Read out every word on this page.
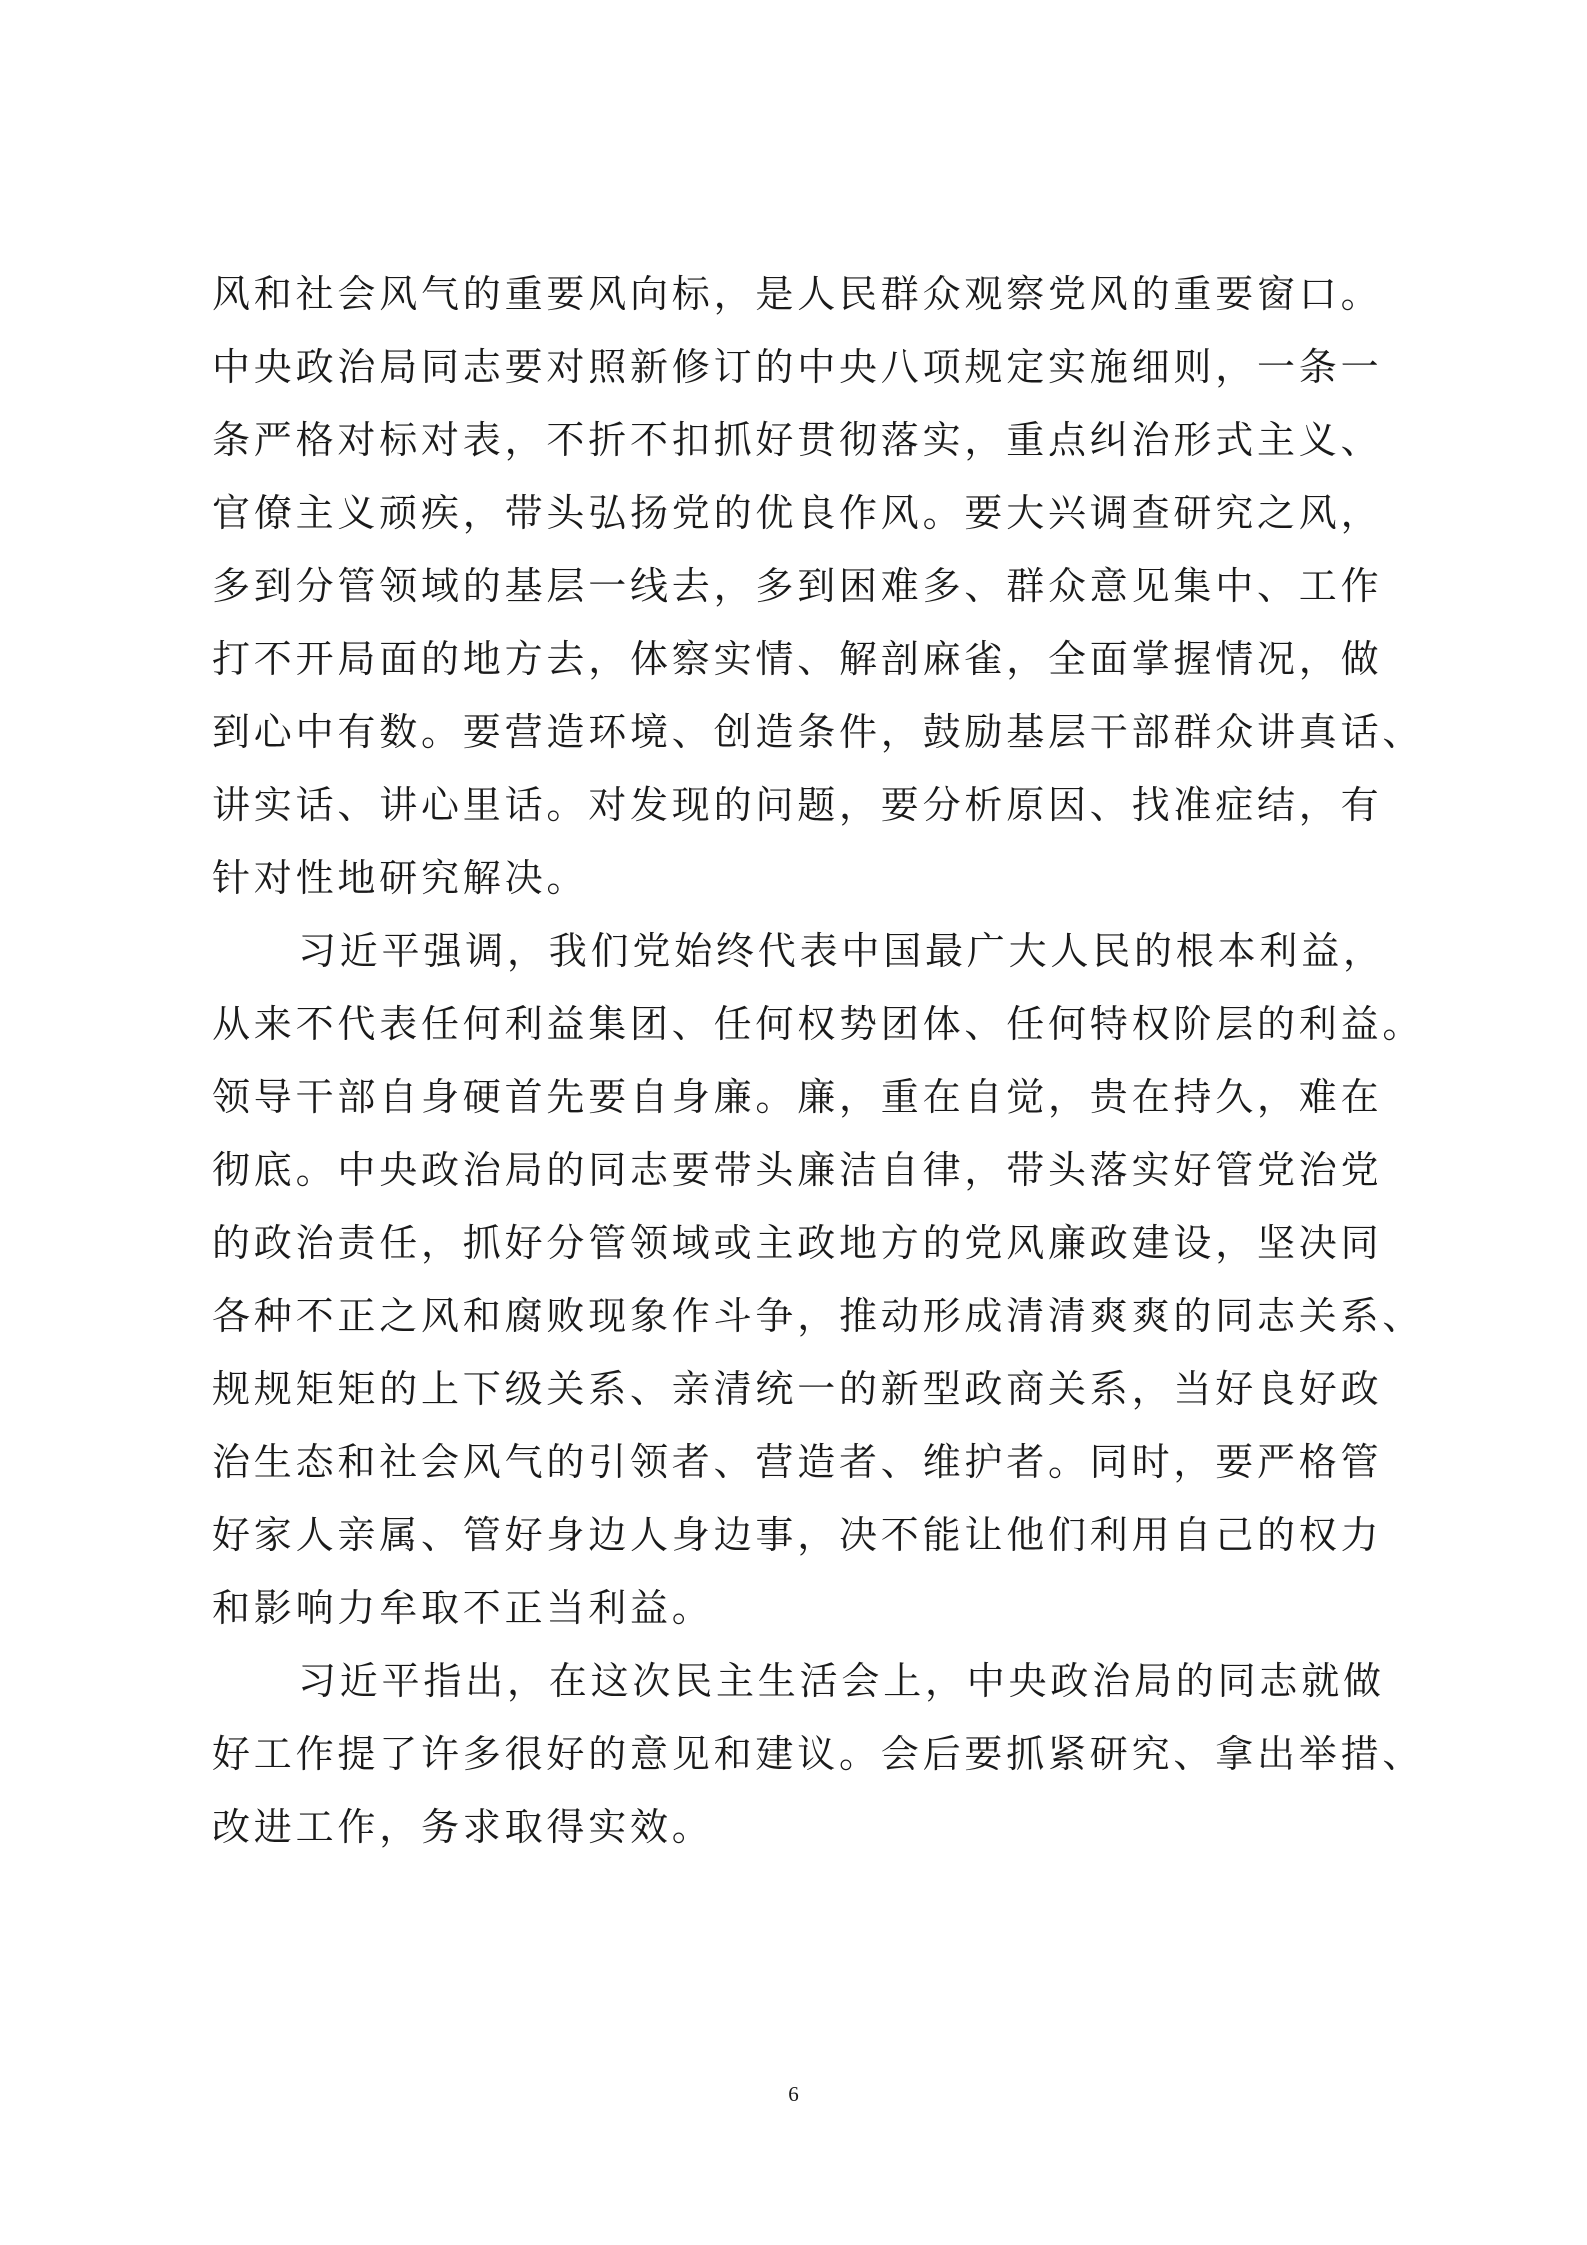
风和社会风气的重要风向标，是人民群众观察党风的重要窗口。
中央政治局同志要对照新修订的中央八项规定实施细则，一条一
条严格对标对表，不折不扣抓好贯彻落实，重点纠治形式主义、
官僚主义顽疾，带头弘扬党的优良作风。要大兴调查研究之风，
多到分管领域的基层一线去，多到困难多、群众意见集中、工作
打不开局面的地方去，体察实情、解剖麻雀，全面掌握情况，做
到心中有数。要营造环境、创造条件，鼓励基层干部群众讲真话、
讲实话、讲心里话。对发现的问题，要分析原因、找准症结，有
针对性地研究解决。
习近平强调，我们党始终代表中国最广大人民的根本利益，
从来不代表任何利益集团、任何权势团体、任何特权阶层的利益。
领导干部自身硬首先要自身廉。廉，重在自觉，贵在持久，难在
彻底。中央政治局的同志要带头廉洁自律，带头落实好管党治党
的政治责任，抓好分管领域或主政地方的党风廉政建设，坚决同
各种不正之风和腐败现象作斗争，推动形成清清爽爽的同志关系、
规规矩矩的上下级关系、亲清统一的新型政商关系，当好良好政
治生态和社会风气的引领者、营造者、维护者。同时，要严格管
好家人亲属、管好身边人身边事，决不能让他们利用自己的权力
和影响力牟取不正当利益。
习近平指出，在这次民主生活会上，中央政治局的同志就做
好工作提了许多很好的意见和建议。会后要抓紧研究、拿出举措、
改进工作，务求取得实效。
6
